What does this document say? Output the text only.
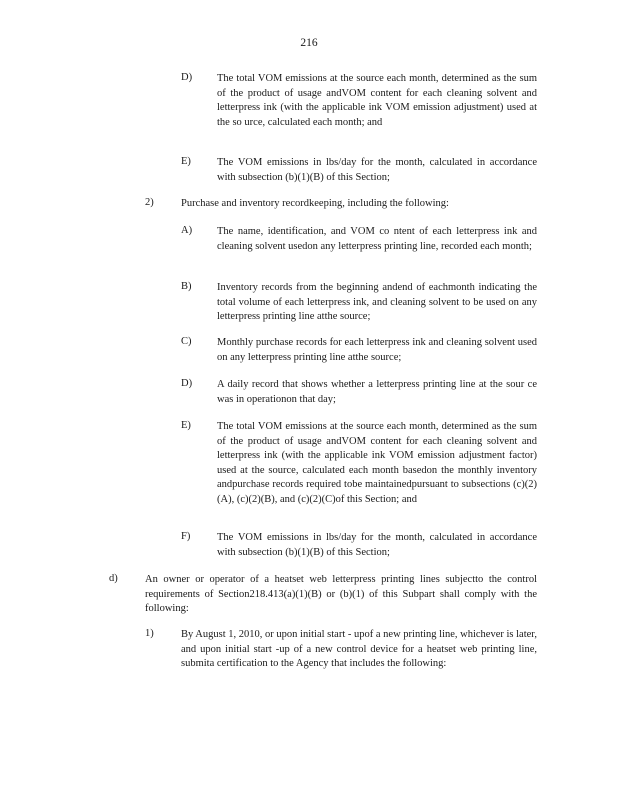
216
D) The total VOM emissions at the source each month, determined as the sum of the product of usage andVOM content for each cleaning solvent and letterpress ink (with the applicable ink VOM emission adjustment) used at the so urce, calculated each month; and
E) The VOM emissions in lbs/day for the month, calculated in accordance with subsection (b)(1)(B) of this Section;
2)	Purchase and inventory recordkeeping, including the following:
A) The name, identification, and VOM co ntent of each letterpress ink and cleaning solvent usedon any letterpress printing line, recorded each month;
B) Inventory records from the beginning andend of eachmonth indicating the total volume of each letterpress ink, and cleaning solvent to be used on any letterpress printing line atthe source;
C) Monthly purchase records for each letterpress ink and cleaning solvent used on any letterpress printing line atthe source;
D) A daily record that shows whether a letterpress printing line at the sour ce was in operationon that day;
E) The total VOM emissions at the source each month, determined as the sum of the product of usage andVOM content for each cleaning solvent and letterpress ink (with the applicable ink VOM emission adjustment factor) used at the source, calculated each month basedon the monthly inventory andpurchase records required tobe maintainedpursuant to subsections (c)(2)(A), (c)(2)(B), and (c)(2)(C)of this Section; and
F)	The VOM emissions in lbs/day for the month, calculated in accordance with subsection (b)(1)(B) of this Section;
d)	An owner or operator of a heatset web letterpress printing lines subjectto the control requirements of Section218.413(a)(1)(B) or (b)(1) of this Subpart shall comply with the following:
1)	By August 1, 2010, or upon initial start - upof a new printing line, whichever is later, and upon initial start -up of a new control device for a heatset web printing line, submita certification to the Agency that includes the following:
